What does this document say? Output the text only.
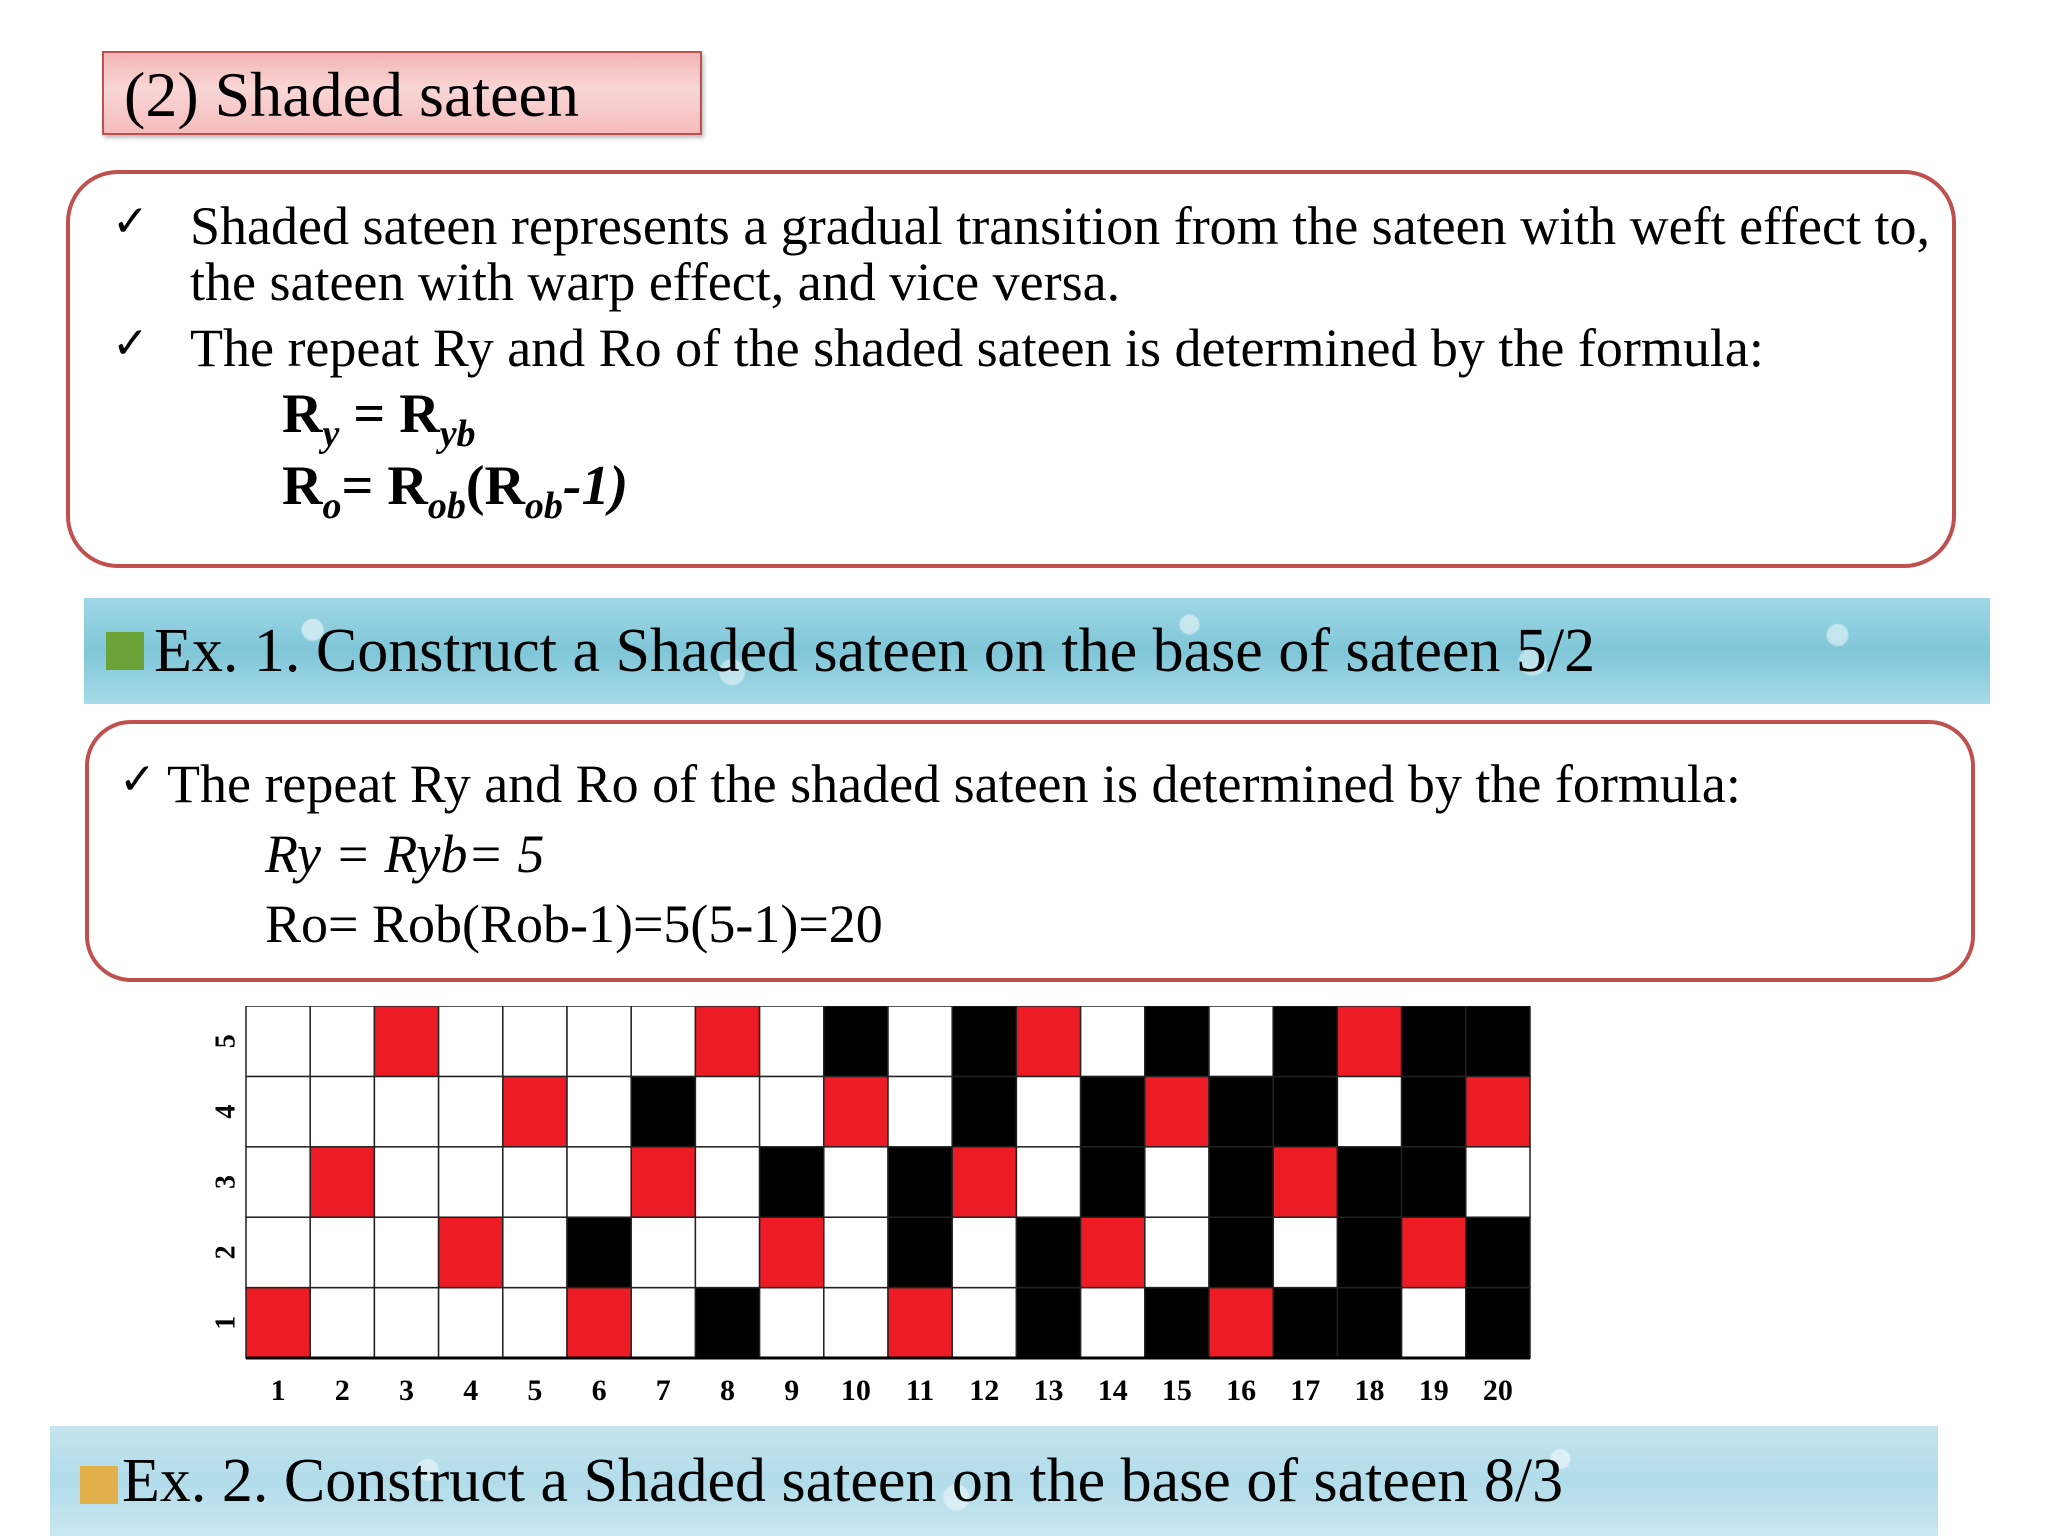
(2) Shaded sateen
✓ Shaded sateen represents a gradual transition from the sateen with weft effect to, the sateen with warp effect, and vice versa.
✓ The repeat Ry and Ro of the shaded sateen is determined by the formula:
$R_y = R_{yb}$
$R_o= R_{ob}(R_{ob}-1)$
Ex. 1. Construct a Shaded sateen on the base of sateen 5/2
✓ The repeat Ry and Ro of the shaded sateen is determined by the formula:
Ry = Ryb= 5
Ro= Rob(Rob-1)=5(5-1)=20
1 2 3 4 5 6 7 8 9 10 11 12 13 14 15 16 17 18 19 20
1
2
3
4
5
Ex. 2. Construct a Shaded sateen on the base of sateen 8/3
